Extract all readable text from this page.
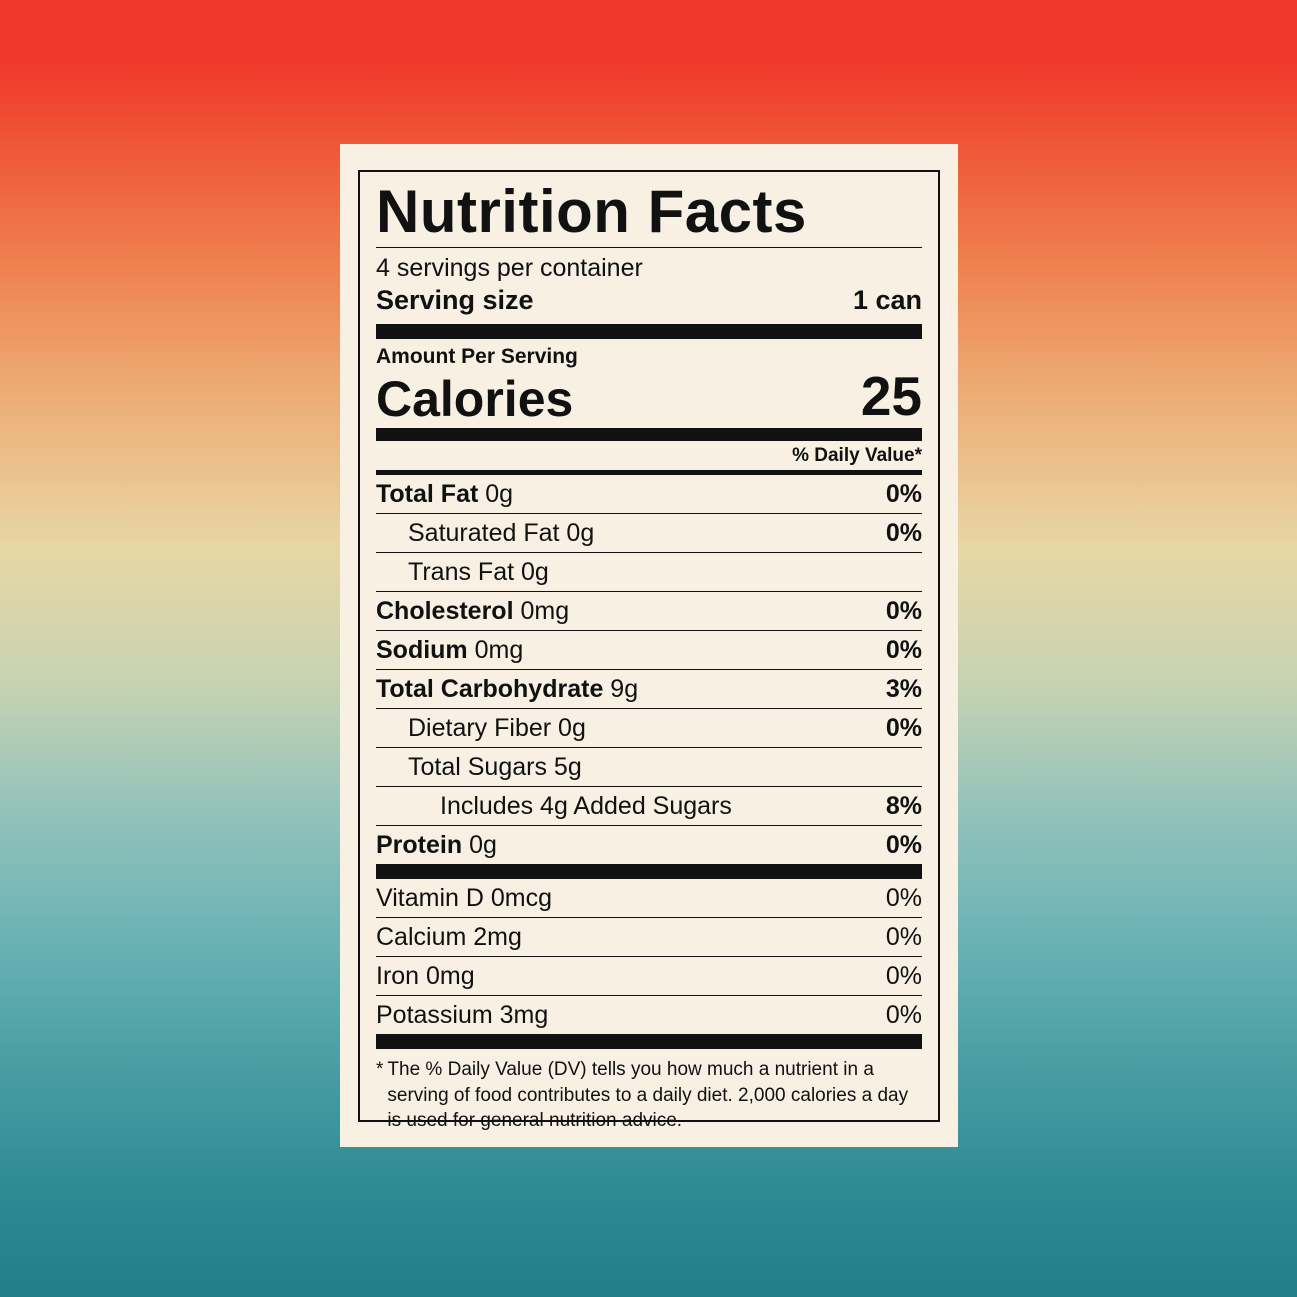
Nutrition Facts
4 servings per container
Serving size	1 can
Amount Per Serving
Calories	25
% Daily Value*
Total Fat 0g	0%
Saturated Fat 0g	0%
Trans Fat 0g
Cholesterol 0mg	0%
Sodium 0mg	0%
Total Carbohydrate 9g	3%
Dietary Fiber 0g	0%
Total Sugars 5g
Includes 4g Added Sugars	8%
Protein 0g	0%
Vitamin D 0mcg	0%
Calcium 2mg	0%
Iron 0mg	0%
Potassium 3mg	0%
* The % Daily Value (DV) tells you how much a nutrient in a serving of food contributes to a daily diet. 2,000 calories a day is used for general nutrition advice.
